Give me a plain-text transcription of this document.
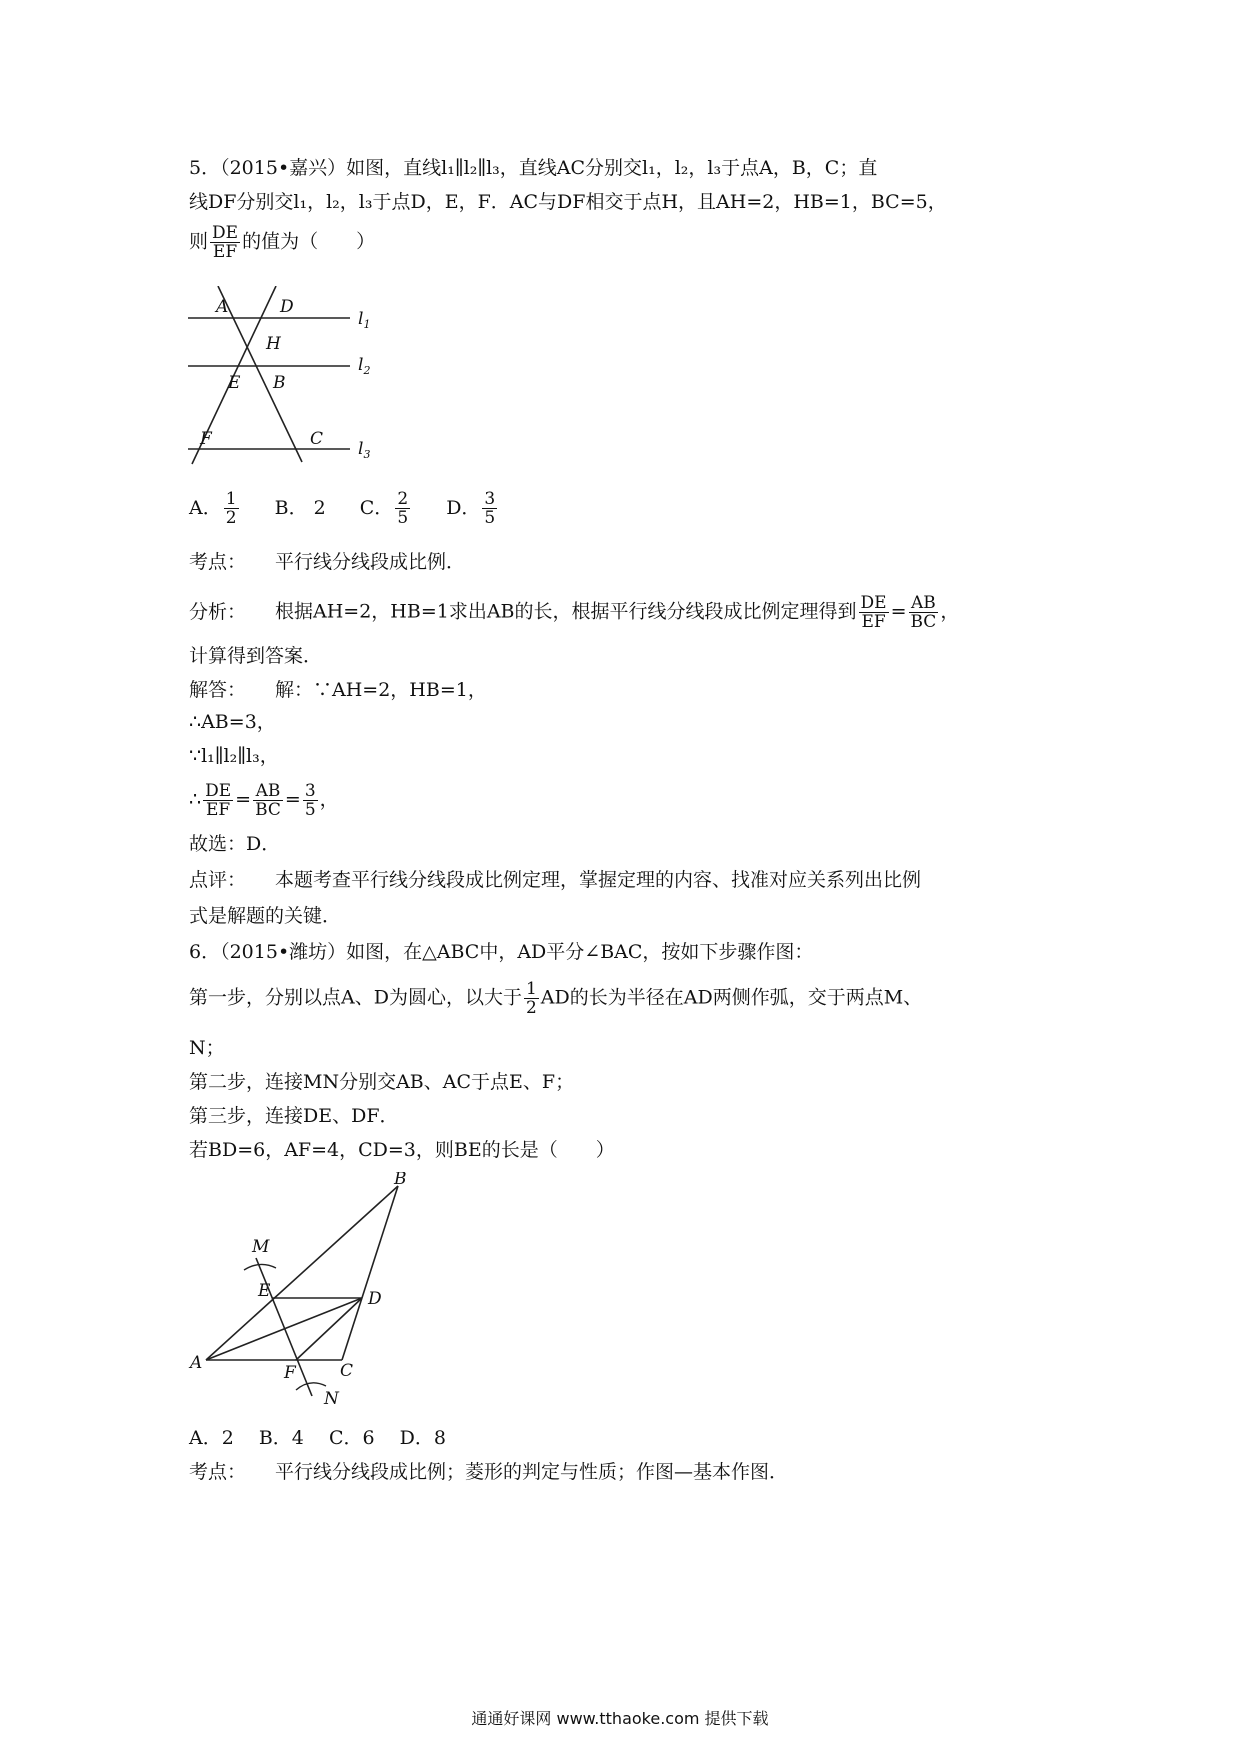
5．（2015•嘉兴）如图，直线l₁∥l₂∥l₃，直线AC分别交l₁，l₂，l₃于点A，B，C；直
线DF分别交l₁，l₂，l₃于点D，E，F．AC与DF相交于点H，且AH=2，HB=1，BC=5，
则 $\frac{DE}{EF}$ 的值为（　　）
A	D
H
E B
F	C
$l_1$
$l_2$
$l_3$
A． $\frac{1}{2}$ B． 2 C． $\frac{2}{5}$ D． $\frac{3}{5}$
考点： 平行线分线段成比例．
分析： 根据AH=2，HB=1求出AB的长，根据平行线分线段成比例定理得到 $\frac{DE}{EF} = \frac{AB}{BC}$ ，
计算得到答案．
解答： 解：∵AH=2，HB=1，
∴AB=3，
∵l₁∥l₂∥l₃，
∴ $\frac{DE}{EF} = \frac{AB}{BC} = \frac{3}{5}$ ，
故选：D．
点评： 本题考查平行线分线段成比例定理，掌握定理的内容、找准对应关系列出比例
式是解题的关键．
6．（2015•潍坊）如图，在△ABC中，AD平分∠BAC，按如下步骤作图：
第一步，分别以点A、D为圆心，以大于 $\frac{1}{2}$ AD的长为半径在AD两侧作弧，交于两点M、
N；
第二步，连接MN分别交AB、AC于点E、F；
第三步，连接DE、DF．
若BD=6，AF=4，CD=3，则BE的长是（　　）
B
M
E	D
A	F	C
N
A．2　 B．4　 C．6　 D．8
考点： 平行线分线段成比例；菱形的判定与性质；作图—基本作图．
通通好课网 www.tthaoke.com 提供下载
